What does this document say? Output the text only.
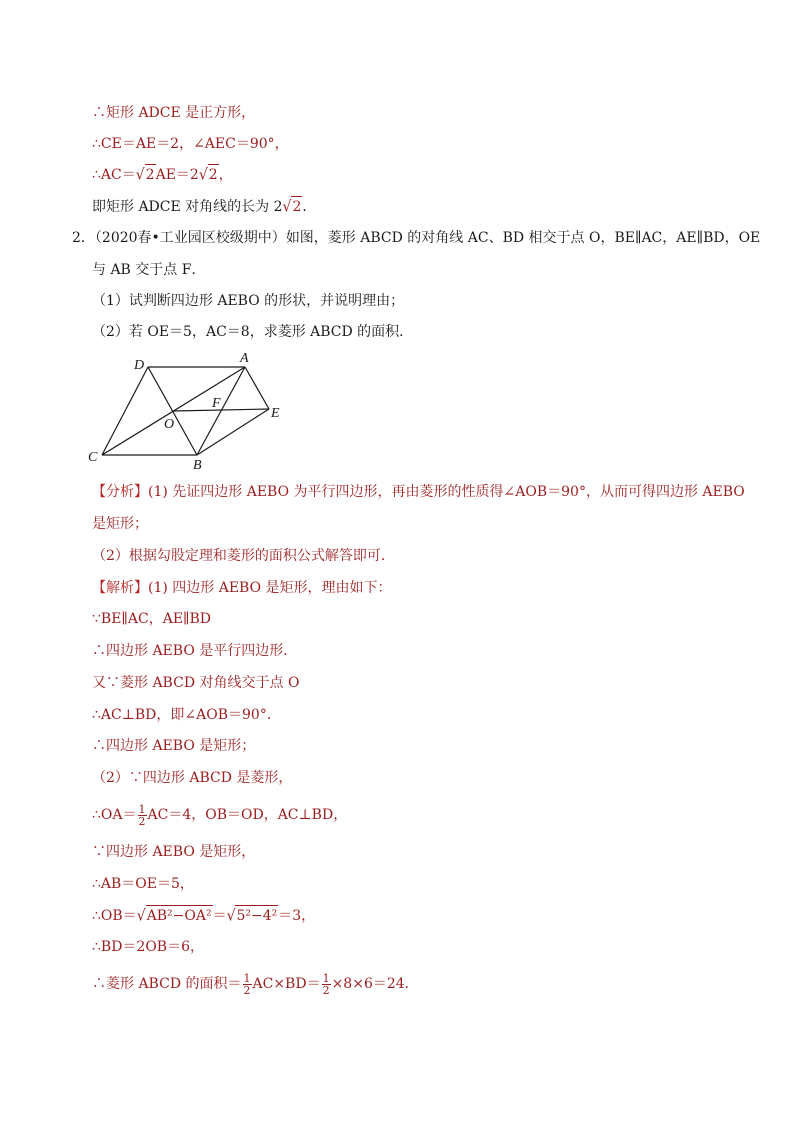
∴矩形 ADCE 是正方形，
∴CE＝AE＝2，∠AEC＝90°，
∴AC＝√2AE＝2√2，
即矩形 ADCE 对角线的长为 2√2．
2．（2020春•工业园区校级期中）如图，菱形 ABCD 的对角线 AC、BD 相交于点 O，BE∥AC，AE∥BD，OE
与 AB 交于点 F．
（1）试判断四边形 AEBO 的形状，并说明理由；
（2）若 OE＝5，AC＝8，求菱形 ABCD 的面积．
D	A
F
E
O
C
B
【分析】(1) 先证四边形 AEBO 为平行四边形，再由菱形的性质得∠AOB＝90°，从而可得四边形 AEBO
是矩形；
（2）根据勾股定理和菱形的面积公式解答即可．
【解析】(1) 四边形 AEBO 是矩形，理由如下：
∵BE∥AC，AE∥BD
∴四边形 AEBO 是平行四边形．
又∵菱形 ABCD 对角线交于点 O
∴AC⊥BD，即∠AOB＝90°．
∴四边形 AEBO 是矩形；
（2）∵四边形 ABCD 是菱形，
∴OA＝ $\frac{1}{2} AC=4$，OB＝OD，AC⊥BD，
∵四边形 AEBO 是矩形，
∴AB＝OE＝5，
∴OB＝√AB²−OA²＝√5²−4²＝3，
∴BD＝2OB＝6，
∴菱形 ABCD 的面积＝ $\frac{1}{2} AC\times BD= \frac{1}{2} \times 8\times 6=24$．
